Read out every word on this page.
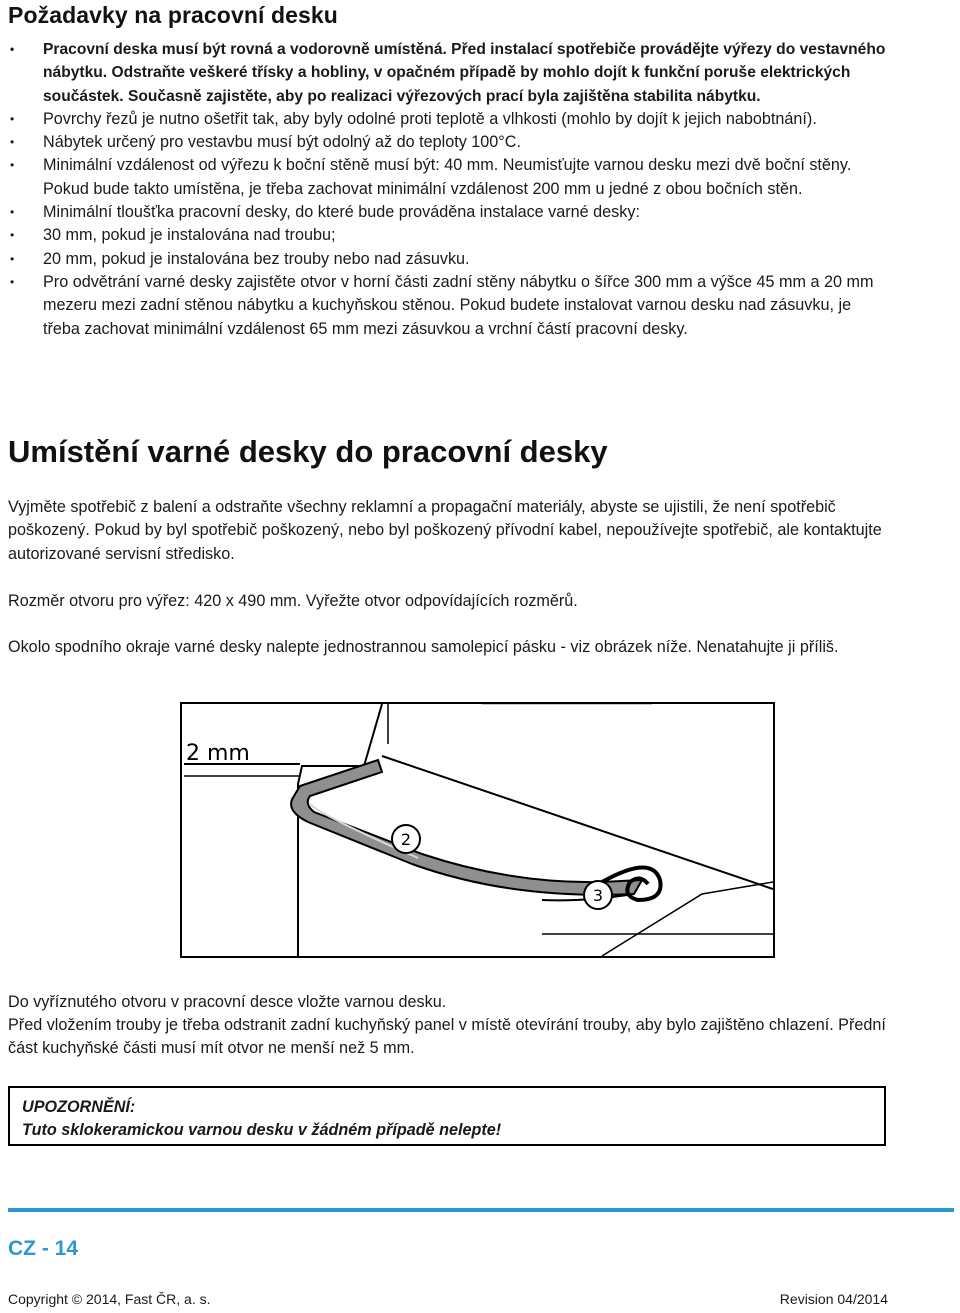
Požadavky na pracovní desku
• Pracovní deska musí být rovná a vodorovně umístěná. Před instalací spotřebiče provádějte výřezy do vestavného nábytku. Odstraňte veškeré třísky a hobliny, v opačném případě by mohlo dojít k funkční poruše elektrických součástek. Současně zajistěte, aby po realizaci výřezových prací byla zajištěna stabilita nábytku.
• Povrchy řezů je nutno ošetřit tak, aby byly odolné proti teplotě a vlhkosti (mohlo by dojít k jejich nabobtnání).
• Nábytek určený pro vestavbu musí být odolný až do teploty 100°C.
• Minimální vzdálenost od výřezu k boční stěně musí být: 40 mm. Neumisťujte varnou desku mezi dvě boční stěny. Pokud bude takto umístěna, je třeba zachovat minimální vzdálenost 200 mm u jedné z obou bočních stěn.
• Minimální tloušťka pracovní desky, do které bude prováděna instalace varné desky:
• 30 mm, pokud je instalována nad troubu;
• 20 mm, pokud je instalována bez trouby nebo nad zásuvku.
• Pro odvětrání varné desky zajistěte otvor v horní části zadní stěny nábytku o šířce 300 mm a výšce 45 mm a 20 mm mezeru mezi zadní stěnou nábytku a kuchyňskou stěnou. Pokud budete instalovat varnou desku nad zásuvku, je třeba zachovat minimální vzdálenost 65 mm mezi zásuvkou a vrchní částí pracovní desky.
Umístění varné desky do pracovní desky

Vyjměte spotřebič z balení a odstraňte všechny reklamní a propagační materiály, abyste se ujistili, že není spotřebič poškozený. Pokud by byl spotřebič poškozený, nebo byl poškozený přívodní kabel, nepoužívejte spotřebič, ale kontaktujte autorizované servisní středisko.

Rozměr otvoru pro výřez: 420 x 490 mm. Vyřežte otvor odpovídajících rozměrů.

Okolo spodního okraje varné desky nalepte jednostrannou samolepicí pásku - viz obrázek níže. Nenatahujte ji příliš.

2 mm
2
3

Do vyříznutého otvoru v pracovní desce vložte varnou desku.

Před vložením trouby je třeba odstranit zadní kuchyňský panel v místě otevírání trouby, aby bylo zajištěno chlazení. Přední část kuchyňské části musí mít otvor ne menší než 5 mm.

UPOZORNĚNÍ:
Tuto sklokeramickou varnou desku v žádném případě nelepte!
CZ - 14
Copyright © 2014, Fast ČR, a. s.	Revision 04/2014
